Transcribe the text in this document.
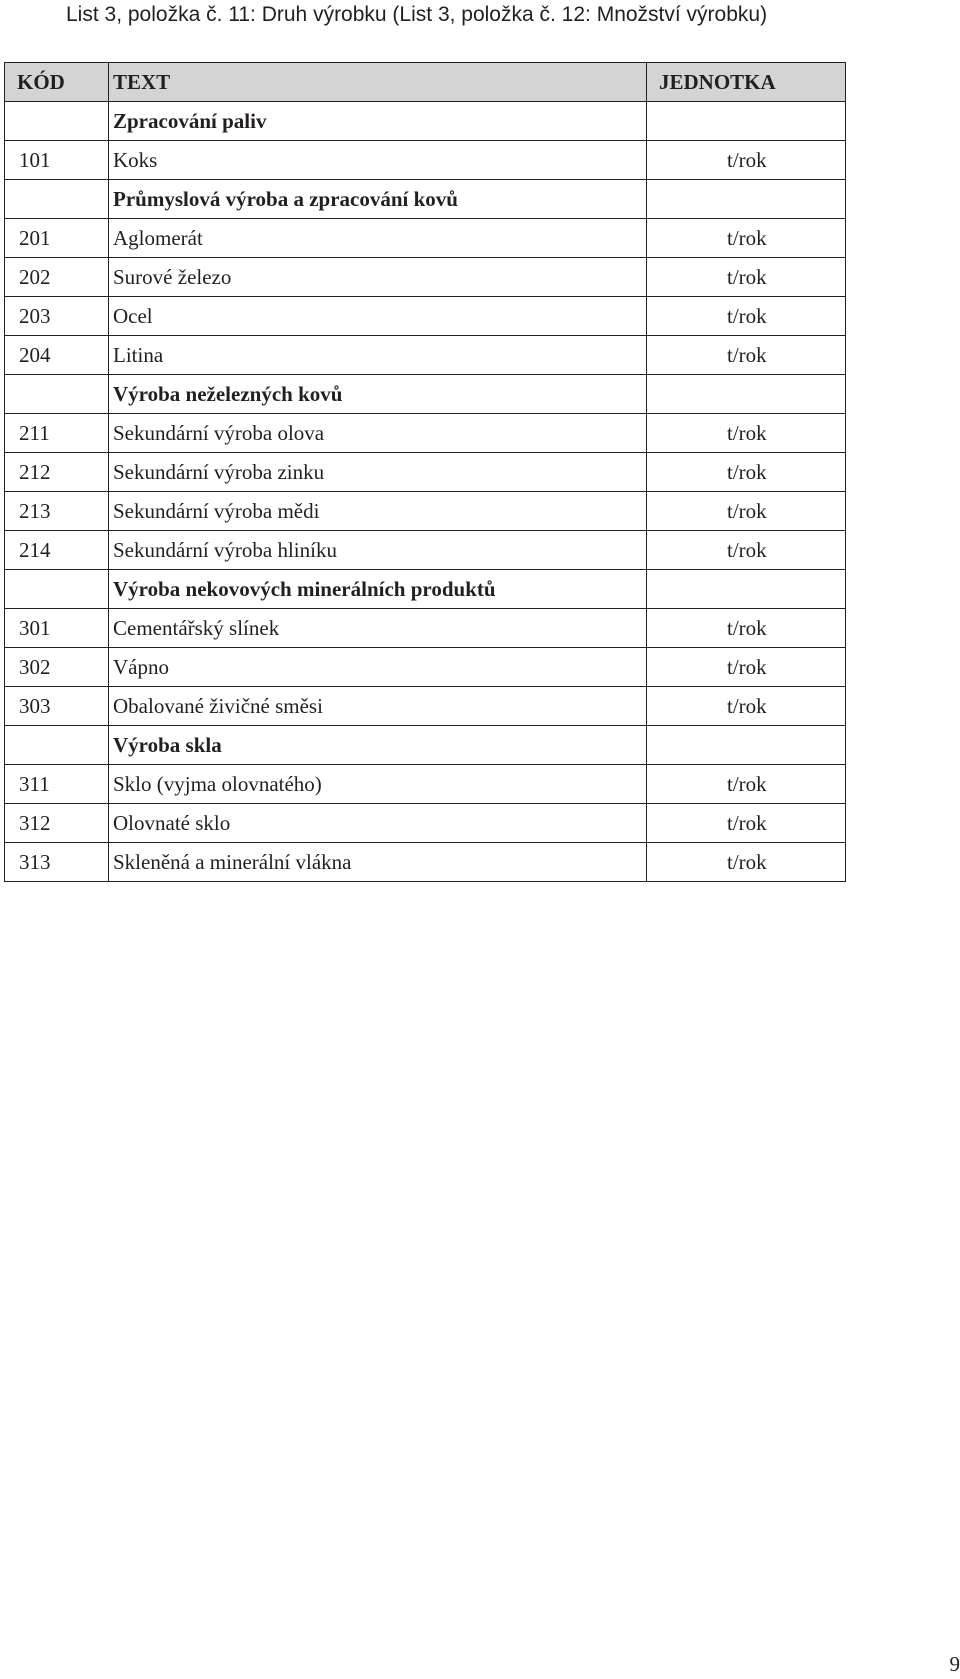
List 3, položka č. 11: Druh výrobku (List 3, položka č. 12: Množství výrobku)
KÓD	TEXT	JEDNOTKA
	Zpracování paliv	
101	Koks	t/rok
	Průmyslová výroba a zpracování kovů	
201	Aglomerát	t/rok
202	Surové železo	t/rok
203	Ocel	t/rok
204	Litina	t/rok
	Výroba neželezných kovů	
211	Sekundární výroba olova	t/rok
212	Sekundární výroba zinku	t/rok
213	Sekundární výroba mědi	t/rok
214	Sekundární výroba hliníku	t/rok
	Výroba nekovových minerálních produktů	
301	Cementářský slínek	t/rok
302	Vápno	t/rok
303	Obalované živičné směsi	t/rok
	Výroba skla	
311	Sklo (vyjma olovnatého)	t/rok
312	Olovnaté sklo	t/rok
313	Skleněná a minerální vlákna	t/rok
9
